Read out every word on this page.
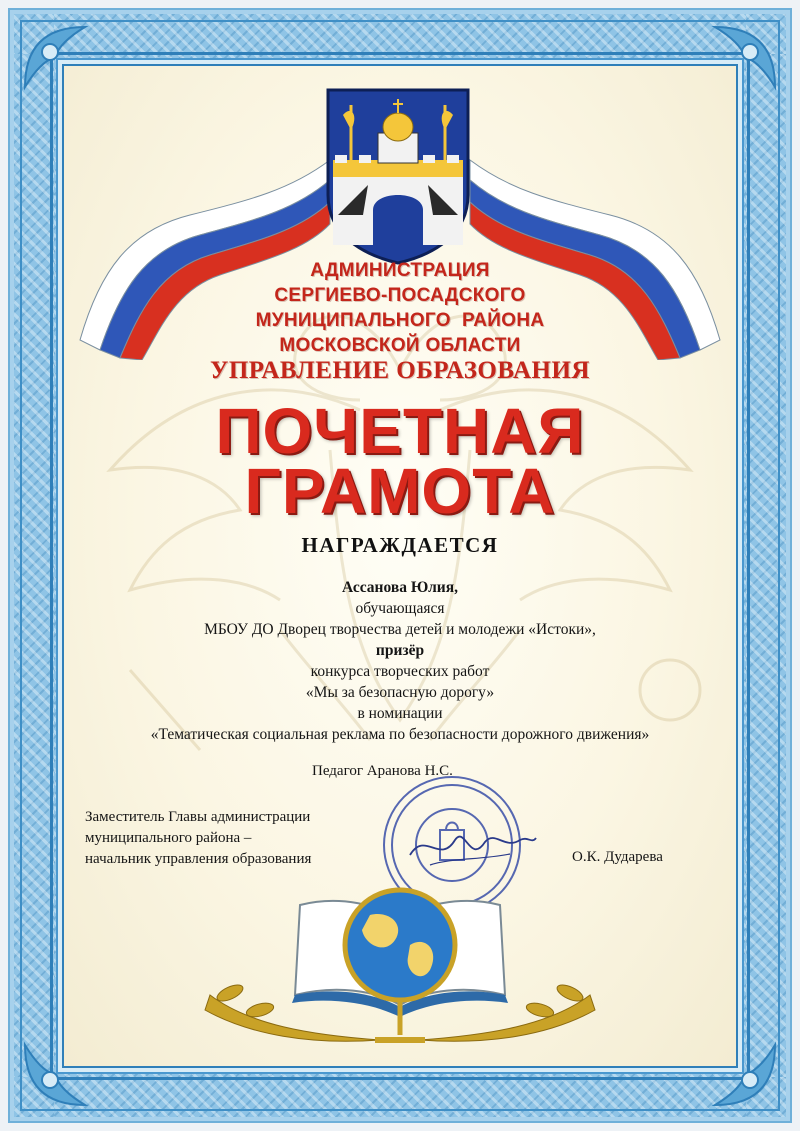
АДМИНИСТРАЦИЯ
СЕРГИЕВО-ПОСАДСКОГО
МУНИЦИПАЛЬНОГО  РАЙОНА
МОСКОВСКОЙ ОБЛАСТИ
УПРАВЛЕНИЕ ОБРАЗОВАНИЯ
ПОЧЕТНАЯ
ГРАМОТА
НАГРАЖДАЕТСЯ
Ассанова Юлия,
обучающаяся
МБОУ ДО Дворец творчества детей и молодежи «Истоки»,
призёр
конкурса творческих работ
«Мы за безопасную дорогу»
в номинации
«Тематическая социальная реклама по безопасности дорожного движения»
Педагог Аранова Н.С.
Заместитель Главы администрации
муниципального района –
начальник управления образования	О.К. Дударева
